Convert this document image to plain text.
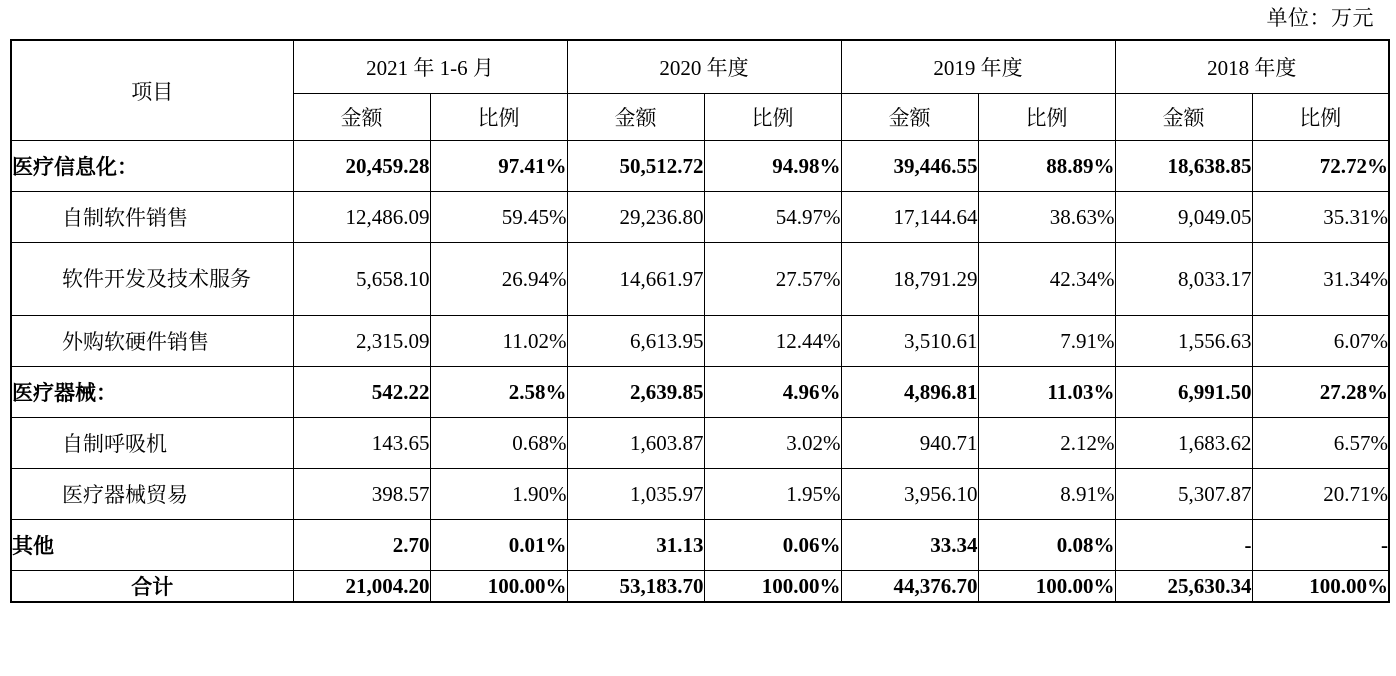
单位：万元
项目	2021 年 1-6 月		2020 年度		2019 年度		2018 年度	
	金额	比例	金额	比例	金额	比例	金额	比例
医疗信息化：	20,459.28	97.41%	50,512.72	94.98%	39,446.55	88.89%	18,638.85	72.72%
自制软件销售	12,486.09	59.45%	29,236.80	54.97%	17,144.64	38.63%	9,049.05	35.31%
软件开发及技术服务	5,658.10	26.94%	14,661.97	27.57%	18,791.29	42.34%	8,033.17	31.34%
外购软硬件销售	2,315.09	11.02%	6,613.95	12.44%	3,510.61	7.91%	1,556.63	6.07%
医疗器械：	542.22	2.58%	2,639.85	4.96%	4,896.81	11.03%	6,991.50	27.28%
自制呼吸机	143.65	0.68%	1,603.87	3.02%	940.71	2.12%	1,683.62	6.57%
医疗器械贸易	398.57	1.90%	1,035.97	1.95%	3,956.10	8.91%	5,307.87	20.71%
其他	2.70	0.01%	31.13	0.06%	33.34	0.08%	-	-
合计	21,004.20	100.00%	53,183.70	100.00%	44,376.70	100.00%	25,630.34	100.00%
